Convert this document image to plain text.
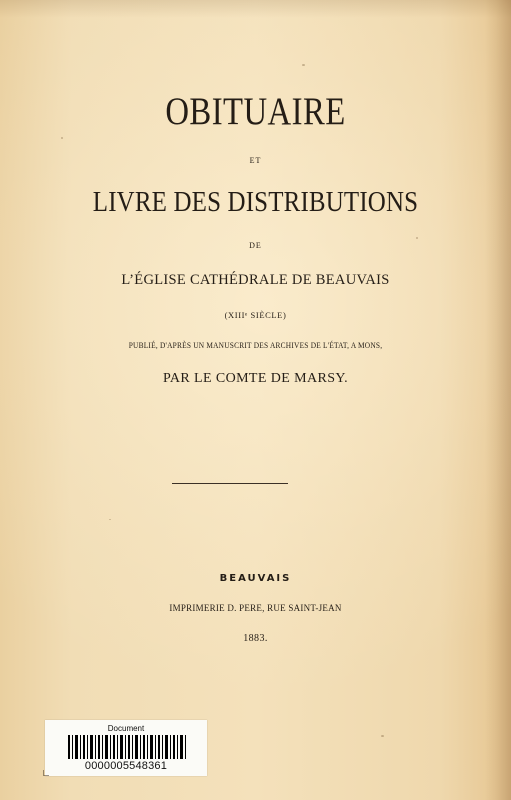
OBITUAIRE
ET
LIVRE DES DISTRIBUTIONS
DE
L’ÉGLISE CATHÉDRALE DE BEAUVAIS
(XIIIᵉ SIÈCLE)
PUBLIÉ, D'APRÈS UN MANUSCRIT DES ARCHIVES DE L'ÉTAT, A MONS,
PAR LE COMTE DE MARSY.
BEAUVAIS
IMPRIMERIE D. PERE, RUE SAINT-JEAN
1883.
Document
0000005548361
